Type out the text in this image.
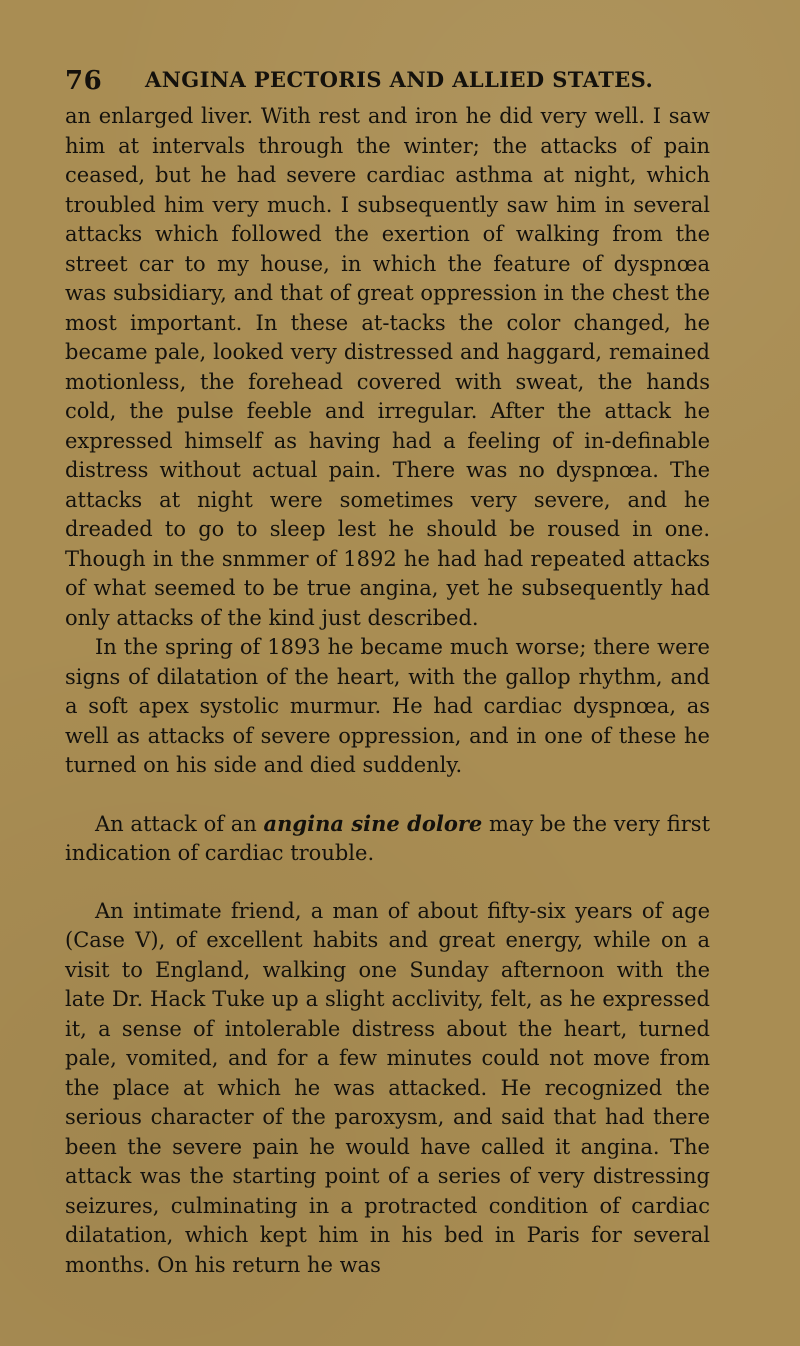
76 ANGINA PECTORIS AND ALLIED STATES.

an enlarged liver. With rest and iron he did very well. I saw him at intervals through the winter; the attacks of pain ceased, but he had severe cardiac asthma at night, which troubled him very much. I subsequently saw him in several attacks which followed the exertion of walking from the street car to my house, in which the feature of dyspnœa was subsidiary, and that of great oppression in the chest the most important. In these at-tacks the color changed, he became pale, looked very distressed and haggard, remained motionless, the forehead covered with sweat, the hands cold, the pulse feeble and irregular. After the attack he expressed himself as having had a feeling of in-definable distress without actual pain. There was no dyspnœa. The attacks at night were sometimes very severe, and he dreaded to go to sleep lest he should be roused in one. Though in the snmmer of 1892 he had had repeated attacks of what seemed to be true angina, yet he subsequently had only attacks of the kind just described.

In the spring of 1893 he became much worse; there were signs of dilatation of the heart, with the gallop rhythm, and a soft apex systolic murmur. He had cardiac dyspnœa, as well as attacks of severe oppression, and in one of these he turned on his side and died suddenly.

An attack of an angina sine dolore may be the very first indication of cardiac trouble.

An intimate friend, a man of about fifty-six years of age (Case V), of excellent habits and great energy, while on a visit to England, walking one Sunday afternoon with the late Dr. Hack Tuke up a slight acclivity, felt, as he expressed it, a sense of intolerable distress about the heart, turned pale, vomited, and for a few minutes could not move from the place at which he was attacked. He recognized the serious character of the paroxysm, and said that had there been the severe pain he would have called it angina. The attack was the starting point of a series of very distressing seizures, culminating in a protracted condition of cardiac dilatation, which kept him in his bed in Paris for several months. On his return he was
